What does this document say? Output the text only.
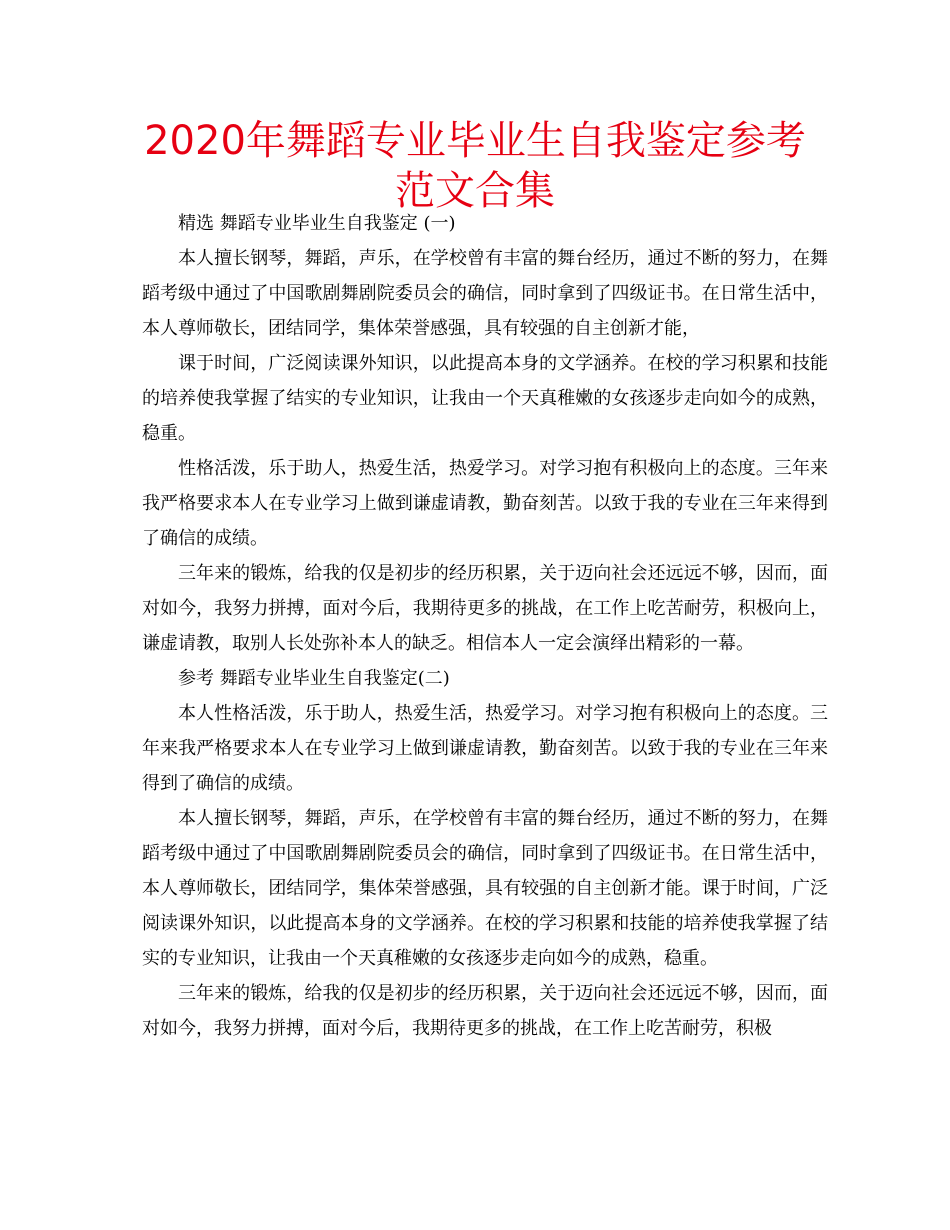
2020年舞蹈专业毕业生自我鉴定参考范文合集

精选 舞蹈专业毕业生自我鉴定 (一)

本人擅长钢琴，舞蹈，声乐，在学校曾有丰富的舞台经历，通过不断的努力，在舞蹈考级中通过了中国歌剧舞剧院委员会的确信，同时拿到了四级证书。在日常生活中，本人尊师敬长，团结同学，集体荣誉感强，具有较强的自主创新才能，

课于时间，广泛阅读课外知识，以此提高本身的文学涵养。在校的学习积累和技能的培养使我掌握了结实的专业知识，让我由一个天真稚嫩的女孩逐步走向如今的成熟，稳重。

性格活泼，乐于助人，热爱生活，热爱学习。对学习抱有积极向上的态度。三年来我严格要求本人在专业学习上做到谦虚请教，勤奋刻苦。以致于我的专业在三年来得到了确信的成绩。

三年来的锻炼，给我的仅是初步的经历积累，关于迈向社会还远远不够，因而，面对如今，我努力拼搏，面对今后，我期待更多的挑战，在工作上吃苦耐劳，积极向上，谦虚请教，取别人长处弥补本人的缺乏。相信本人一定会演绎出精彩的一幕。

参考 舞蹈专业毕业生自我鉴定(二)

本人性格活泼，乐于助人，热爱生活，热爱学习。对学习抱有积极向上的态度。三年来我严格要求本人在专业学习上做到谦虚请教，勤奋刻苦。以致于我的专业在三年来得到了确信的成绩。

本人擅长钢琴，舞蹈，声乐，在学校曾有丰富的舞台经历，通过不断的努力，在舞蹈考级中通过了中国歌剧舞剧院委员会的确信，同时拿到了四级证书。在日常生活中，本人尊师敬长，团结同学，集体荣誉感强，具有较强的自主创新才能。课于时间，广泛阅读课外知识，以此提高本身的文学涵养。在校的学习积累和技能的培养使我掌握了结实的专业知识，让我由一个天真稚嫩的女孩逐步走向如今的成熟，稳重。

三年来的锻炼，给我的仅是初步的经历积累，关于迈向社会还远远不够，因而，面对如今，我努力拼搏，面对今后，我期待更多的挑战，在工作上吃苦耐劳，积极
